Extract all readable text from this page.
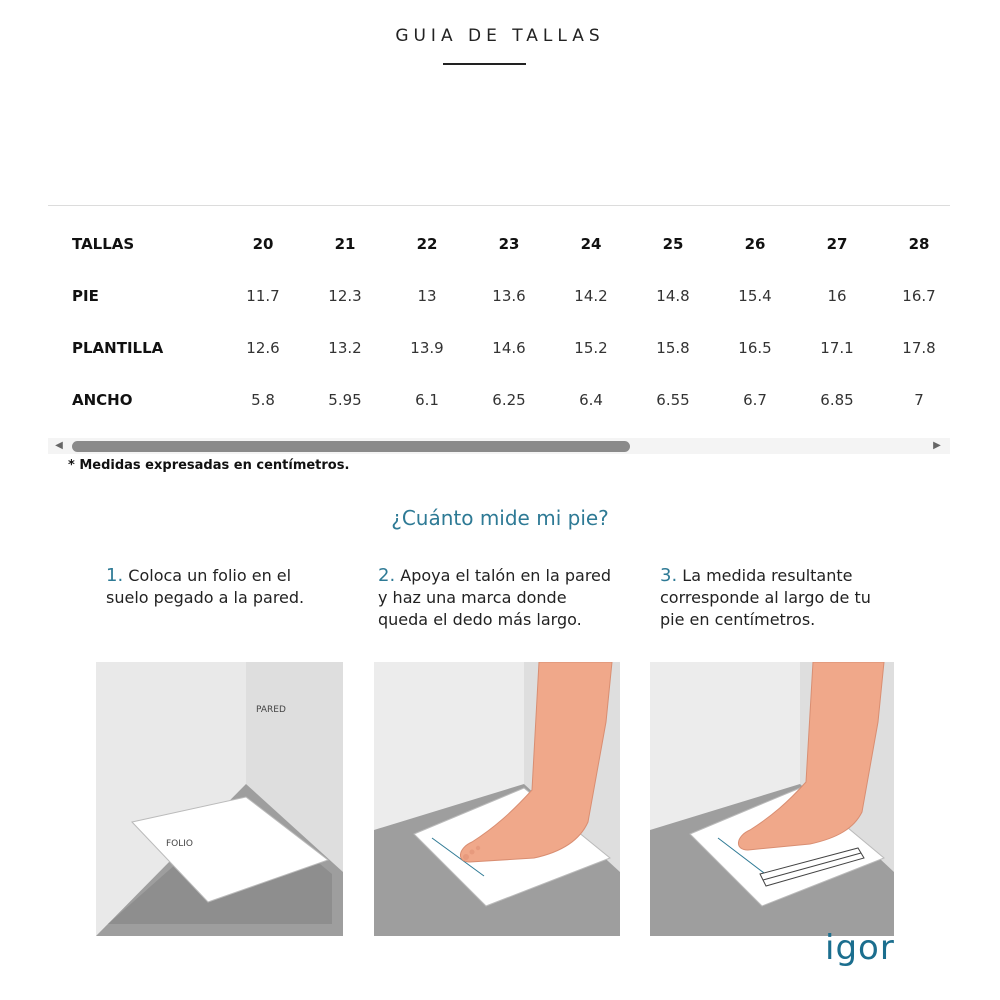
GUIA DE TALLAS
TALLAS	20	21	22	23	24	25	26	27	28
PIE	11.7	12.3	13	13.6	14.2	14.8	15.4	16	16.7
PLANTILLA	12.6	13.2	13.9	14.6	15.2	15.8	16.5	17.1	17.8
ANCHO	5.8	5.95	6.1	6.25	6.4	6.55	6.7	6.85	7
◀	▶
* Medidas expresadas en centímetros.
¿Cuánto mide mi pie?
1. Coloca un folio en el
suelo pegado a la pared.
2. Apoya el talón en la pared
y haz una marca donde
queda el dedo más largo.
3. La medida resultante
corresponde al largo de tu
pie en centímetros.
PARED
FOLIO
igor
